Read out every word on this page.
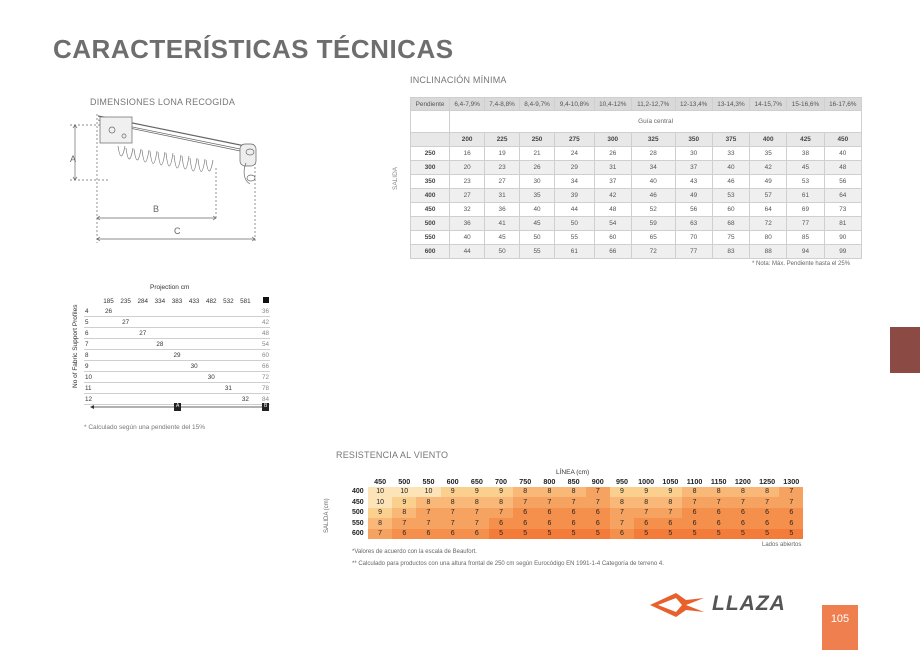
CARACTERÍSTICAS TÉCNICAS
DIMENSIONES LONA RECOGIDA
A
B
C
INCLINACIÓN MÍNIMA
SALIDA
Pendiente	6,4-7,9%	7,4-8,8%	8,4-9,7%	9,4-10,8%	10,4-12%	11,2-12,7%	12-13,4%	13-14,3%	14-15,7%	15-16,6%	16-17,6%
	Guía central										
	200	225	250	275	300	325	350	375	400	425	450
250	16	19	21	24	26	28	30	33	35	38	40
300	20	23	26	29	31	34	37	40	42	45	48
350	23	27	30	34	37	40	43	46	49	53	56
400	27	31	35	39	42	46	49	53	57	61	64
450	32	36	40	44	48	52	56	60	64	69	73
500	36	41	45	50	54	59	63	68	72	77	81
550	40	45	50	55	60	65	70	75	80	85	90
600	44	50	55	61	66	72	77	83	88	94	99
* Nota: Máx. Pendiente hasta el 25%
Projection cm
No of Fabric Support Profiles
	185	235	284	334	383	433	482	532	581	
4	26									36
5		27								42
6			27							48
7				28						54
8					29					60
9						30				66
10							30			72
11								31		78
12									32	84
A	B
* Calculado según una pendiente del 15%
RESISTENCIA AL VIENTO
LÍNEA (cm)
SALIDA (cm)
	450	500	550	600	650	700	750	800	850	900	950	1000	1050	1100	1150	1200	1250	1300
400	10	10	10	9	9	9	8	8	8	7	9	9	9	8	8	8	8	7
450	10	9	8	8	8	8	7	7	7	7	8	8	8	7	7	7	7	7
500	9	8	7	7	7	7	6	6	6	6	7	7	7	6	6	6	6	6
550	8	7	7	7	7	6	6	6	6	6	7	6	6	6	6	6	6	6
600	7	6	6	6	6	5	5	5	5	5	6	5	5	5	5	5	5	5
Lados abiertos
*Valores de acuerdo con la escala de Beaufort.
** Calculado para productos con una altura frontal de 250 cm según Eurocódigo EN 1991-1-4 Categoría de terreno 4.
LLAZA
105
